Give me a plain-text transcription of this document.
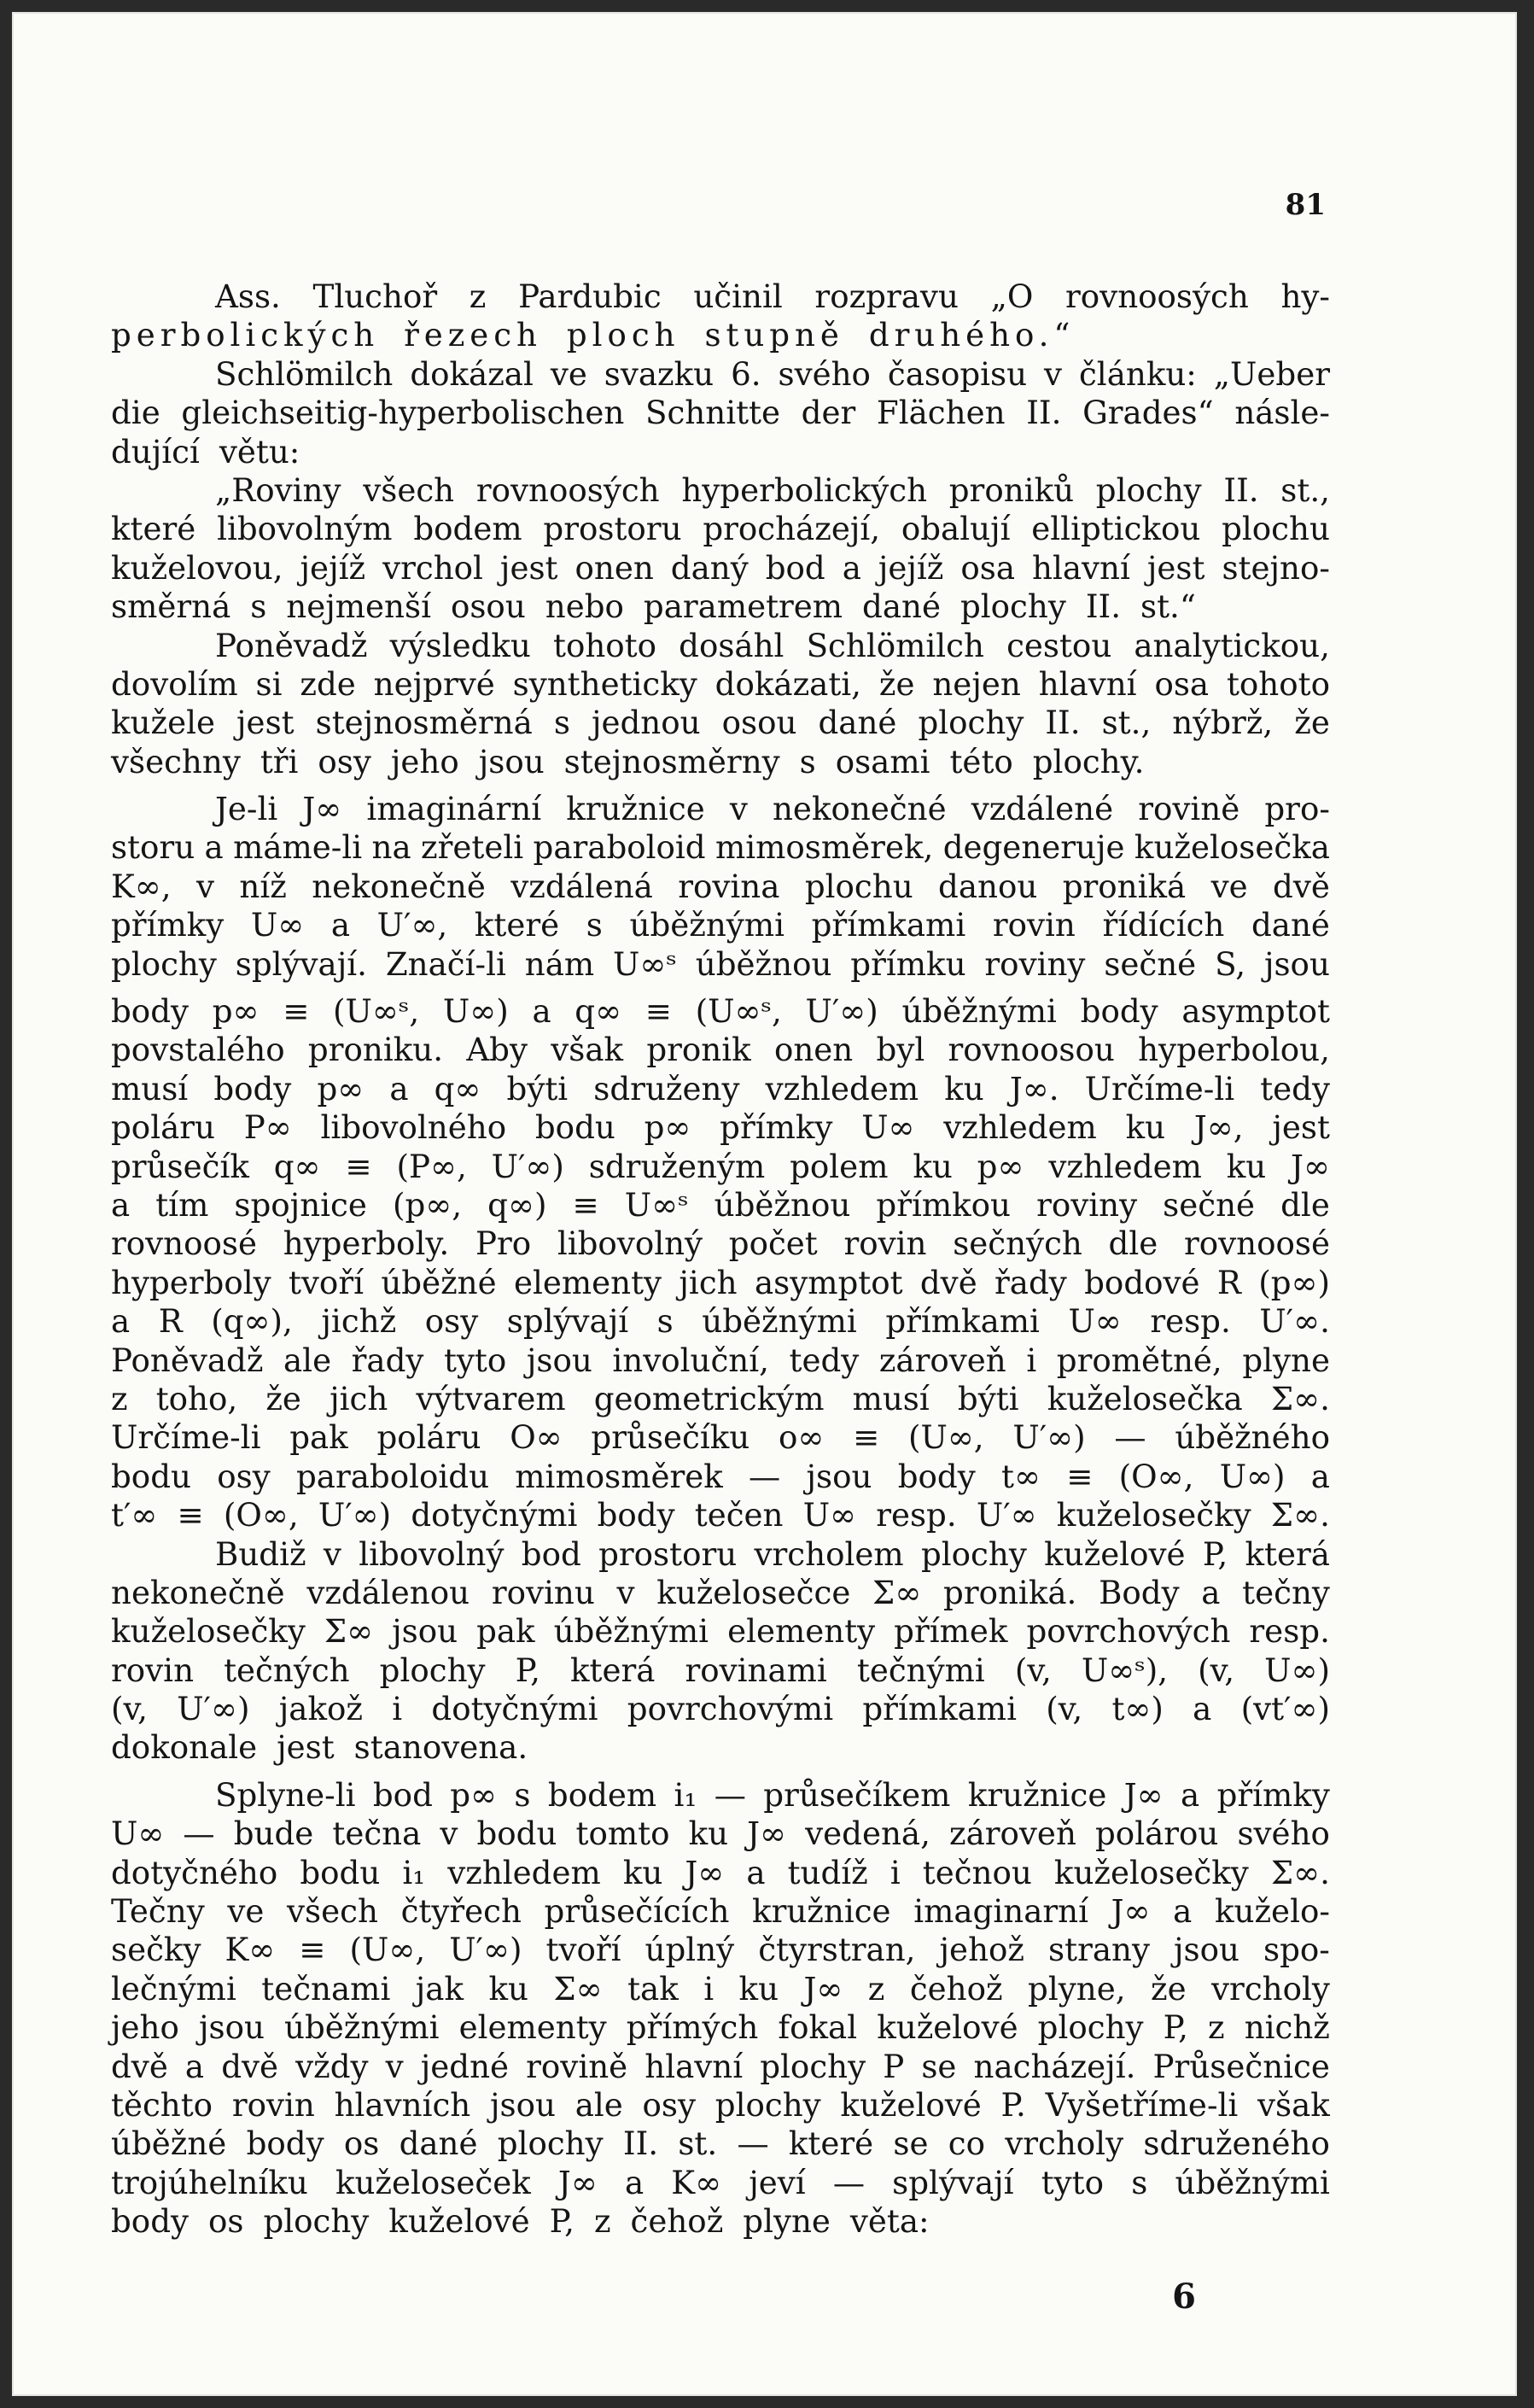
81
Ass. Tluchoř z Pardubic učinil rozpravu „O rovnoosých hy-
perbolických řezech ploch stupně druhého.“
Schlömilch dokázal ve svazku 6. svého časopisu v článku: „Ueber
die gleichseitig-hyperbolischen Schnitte der Flächen II. Grades“ násle-
dující větu:
„Roviny všech rovnoosých hyperbolických proniků plochy II. st.,
které libovolným bodem prostoru procházejí, obalují elliptickou plochu
kuželovou, jejíž vrchol jest onen daný bod a jejíž osa hlavní jest stejno-
směrná s nejmenší osou nebo parametrem dané plochy II. st.“
Poněvadž výsledku tohoto dosáhl Schlömilch cestou analytickou,
dovolím si zde nejprvé syntheticky dokázati, že nejen hlavní osa tohoto
kužele jest stejnosměrná s jednou osou dané plochy II. st., nýbrž, že
všechny tři osy jeho jsou stejnosměrny s osami této plochy.
Je-li J∞ imaginární kružnice v nekonečné vzdálené rovině pro-
storu a máme-li na zřeteli paraboloid mimosměrek, degeneruje kuželosečka
K∞, v níž nekonečně vzdálená rovina plochu danou proniká ve dvě
přímky U∞ a U′∞, které s úběžnými přímkami rovin řídících dané
plochy splývají. Značí-li nám U∞ˢ úběžnou přímku roviny sečné S, jsou
body p∞ ≡ (U∞ˢ, U∞) a q∞ ≡ (U∞ˢ, U′∞) úběžnými body asymptot
povstalého proniku. Aby však pronik onen byl rovnoosou hyperbolou,
musí body p∞ a q∞ býti sdruženy vzhledem ku J∞. Určíme-li tedy
poláru P∞ libovolného bodu p∞ přímky U∞ vzhledem ku J∞, jest
průsečík q∞ ≡ (P∞, U′∞) sdruženým polem ku p∞ vzhledem ku J∞
a tím spojnice (p∞, q∞) ≡ U∞ˢ úběžnou přímkou roviny sečné dle
rovnoosé hyperboly. Pro libovolný počet rovin sečných dle rovnoosé
hyperboly tvoří úběžné elementy jich asymptot dvě řady bodové R (p∞)
a R (q∞), jichž osy splývají s úběžnými přímkami U∞ resp. U′∞.
Poněvadž ale řady tyto jsou involuční, tedy zároveň i promětné, plyne
z toho, že jich výtvarem geometrickým musí býti kuželosečka Σ∞.
Určíme-li pak poláru O∞ průsečíku o∞ ≡ (U∞, U′∞) — úběžného
bodu osy paraboloidu mimosměrek — jsou body t∞ ≡ (O∞, U∞) a
t′∞ ≡ (O∞, U′∞) dotyčnými body tečen U∞ resp. U′∞ kuželosečky Σ∞.
Budiž v libovolný bod prostoru vrcholem plochy kuželové P, která
nekonečně vzdálenou rovinu v kuželosečce Σ∞ proniká. Body a tečny
kuželosečky Σ∞ jsou pak úběžnými elementy přímek povrchových resp.
rovin tečných plochy P, která rovinami tečnými (v, U∞ˢ), (v, U∞)
(v, U′∞) jakož i dotyčnými povrchovými přímkami (v, t∞) a (vt′∞)
dokonale jest stanovena.
Splyne-li bod p∞ s bodem i₁ — průsečíkem kružnice J∞ a přímky
U∞ — bude tečna v bodu tomto ku J∞ vedená, zároveň polárou svého
dotyčného bodu i₁ vzhledem ku J∞ a tudíž i tečnou kuželosečky Σ∞.
Tečny ve všech čtyřech průsečících kružnice imaginarní J∞ a kuželo-
sečky K∞ ≡ (U∞, U′∞) tvoří úplný čtyrstran, jehož strany jsou spo-
lečnými tečnami jak ku Σ∞ tak i ku J∞ z čehož plyne, že vrcholy
jeho jsou úběžnými elementy přímých fokal kuželové plochy P, z nichž
dvě a dvě vždy v jedné rovině hlavní plochy P se nacházejí. Průsečnice
těchto rovin hlavních jsou ale osy plochy kuželové P. Vyšetříme-li však
úběžné body os dané plochy II. st. — které se co vrcholy sdruženého
trojúhelníku kuželoseček J∞ a K∞ jeví — splývají tyto s úběžnými
body os plochy kuželové P, z čehož plyne věta:
6
